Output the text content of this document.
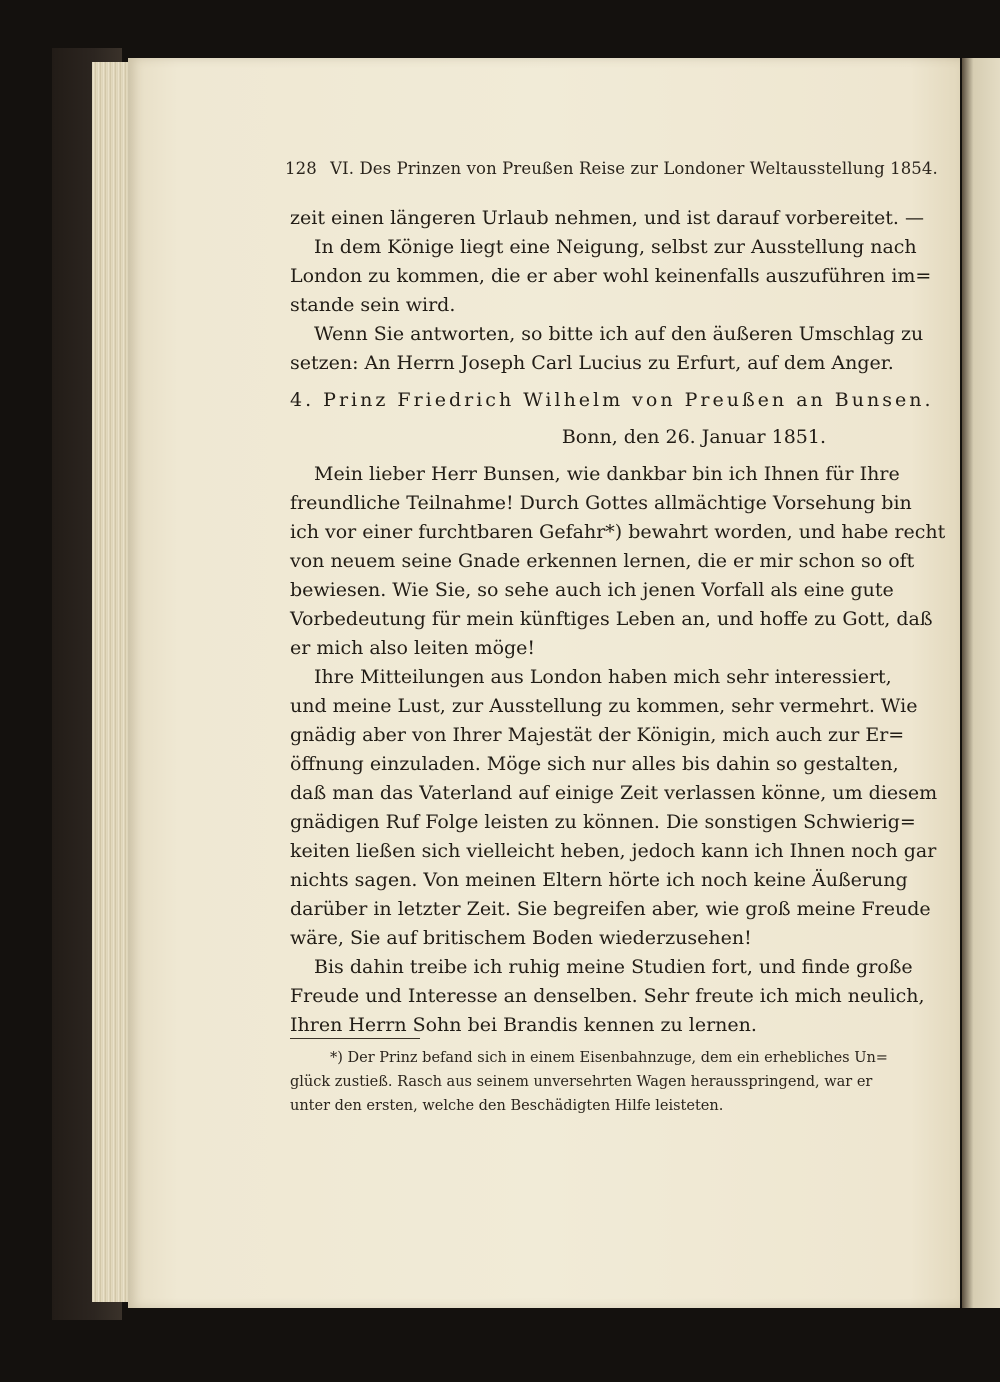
128 VI. Des Prinzen von Preußen Reise zur Londoner Weltausstellung 1854.
zeit einen längeren Urlaub nehmen, und ist darauf vorbereitet. —
In dem Könige liegt eine Neigung, selbst zur Ausstellung nach
London zu kommen, die er aber wohl keinenfalls auszuführen im=
stande sein wird.
Wenn Sie antworten, so bitte ich auf den äußeren Umschlag zu
setzen: An Herrn Joseph Carl Lucius zu Erfurt, auf dem Anger.
4. Prinz Friedrich Wilhelm von Preußen an Bunsen.
Bonn, den 26. Januar 1851.
Mein lieber Herr Bunsen, wie dankbar bin ich Ihnen für Ihre
freundliche Teilnahme! Durch Gottes allmächtige Vorsehung bin
ich vor einer furchtbaren Gefahr*) bewahrt worden, und habe recht
von neuem seine Gnade erkennen lernen, die er mir schon so oft
bewiesen. Wie Sie, so sehe auch ich jenen Vorfall als eine gute
Vorbedeutung für mein künftiges Leben an, und hoffe zu Gott, daß
er mich also leiten möge!
Ihre Mitteilungen aus London haben mich sehr interessiert,
und meine Lust, zur Ausstellung zu kommen, sehr vermehrt. Wie
gnädig aber von Ihrer Majestät der Königin, mich auch zur Er=
öffnung einzuladen. Möge sich nur alles bis dahin so gestalten,
daß man das Vaterland auf einige Zeit verlassen könne, um diesem
gnädigen Ruf Folge leisten zu können. Die sonstigen Schwierig=
keiten ließen sich vielleicht heben, jedoch kann ich Ihnen noch gar
nichts sagen. Von meinen Eltern hörte ich noch keine Äußerung
darüber in letzter Zeit. Sie begreifen aber, wie groß meine Freude
wäre, Sie auf britischem Boden wiederzusehen!
Bis dahin treibe ich ruhig meine Studien fort, und finde große
Freude und Interesse an denselben. Sehr freute ich mich neulich,
Ihren Herrn Sohn bei Brandis kennen zu lernen.
*) Der Prinz befand sich in einem Eisenbahnzuge, dem ein erhebliches Un=
glück zustieß. Rasch aus seinem unversehrten Wagen herausspringend, war er
unter den ersten, welche den Beschädigten Hilfe leisteten.
